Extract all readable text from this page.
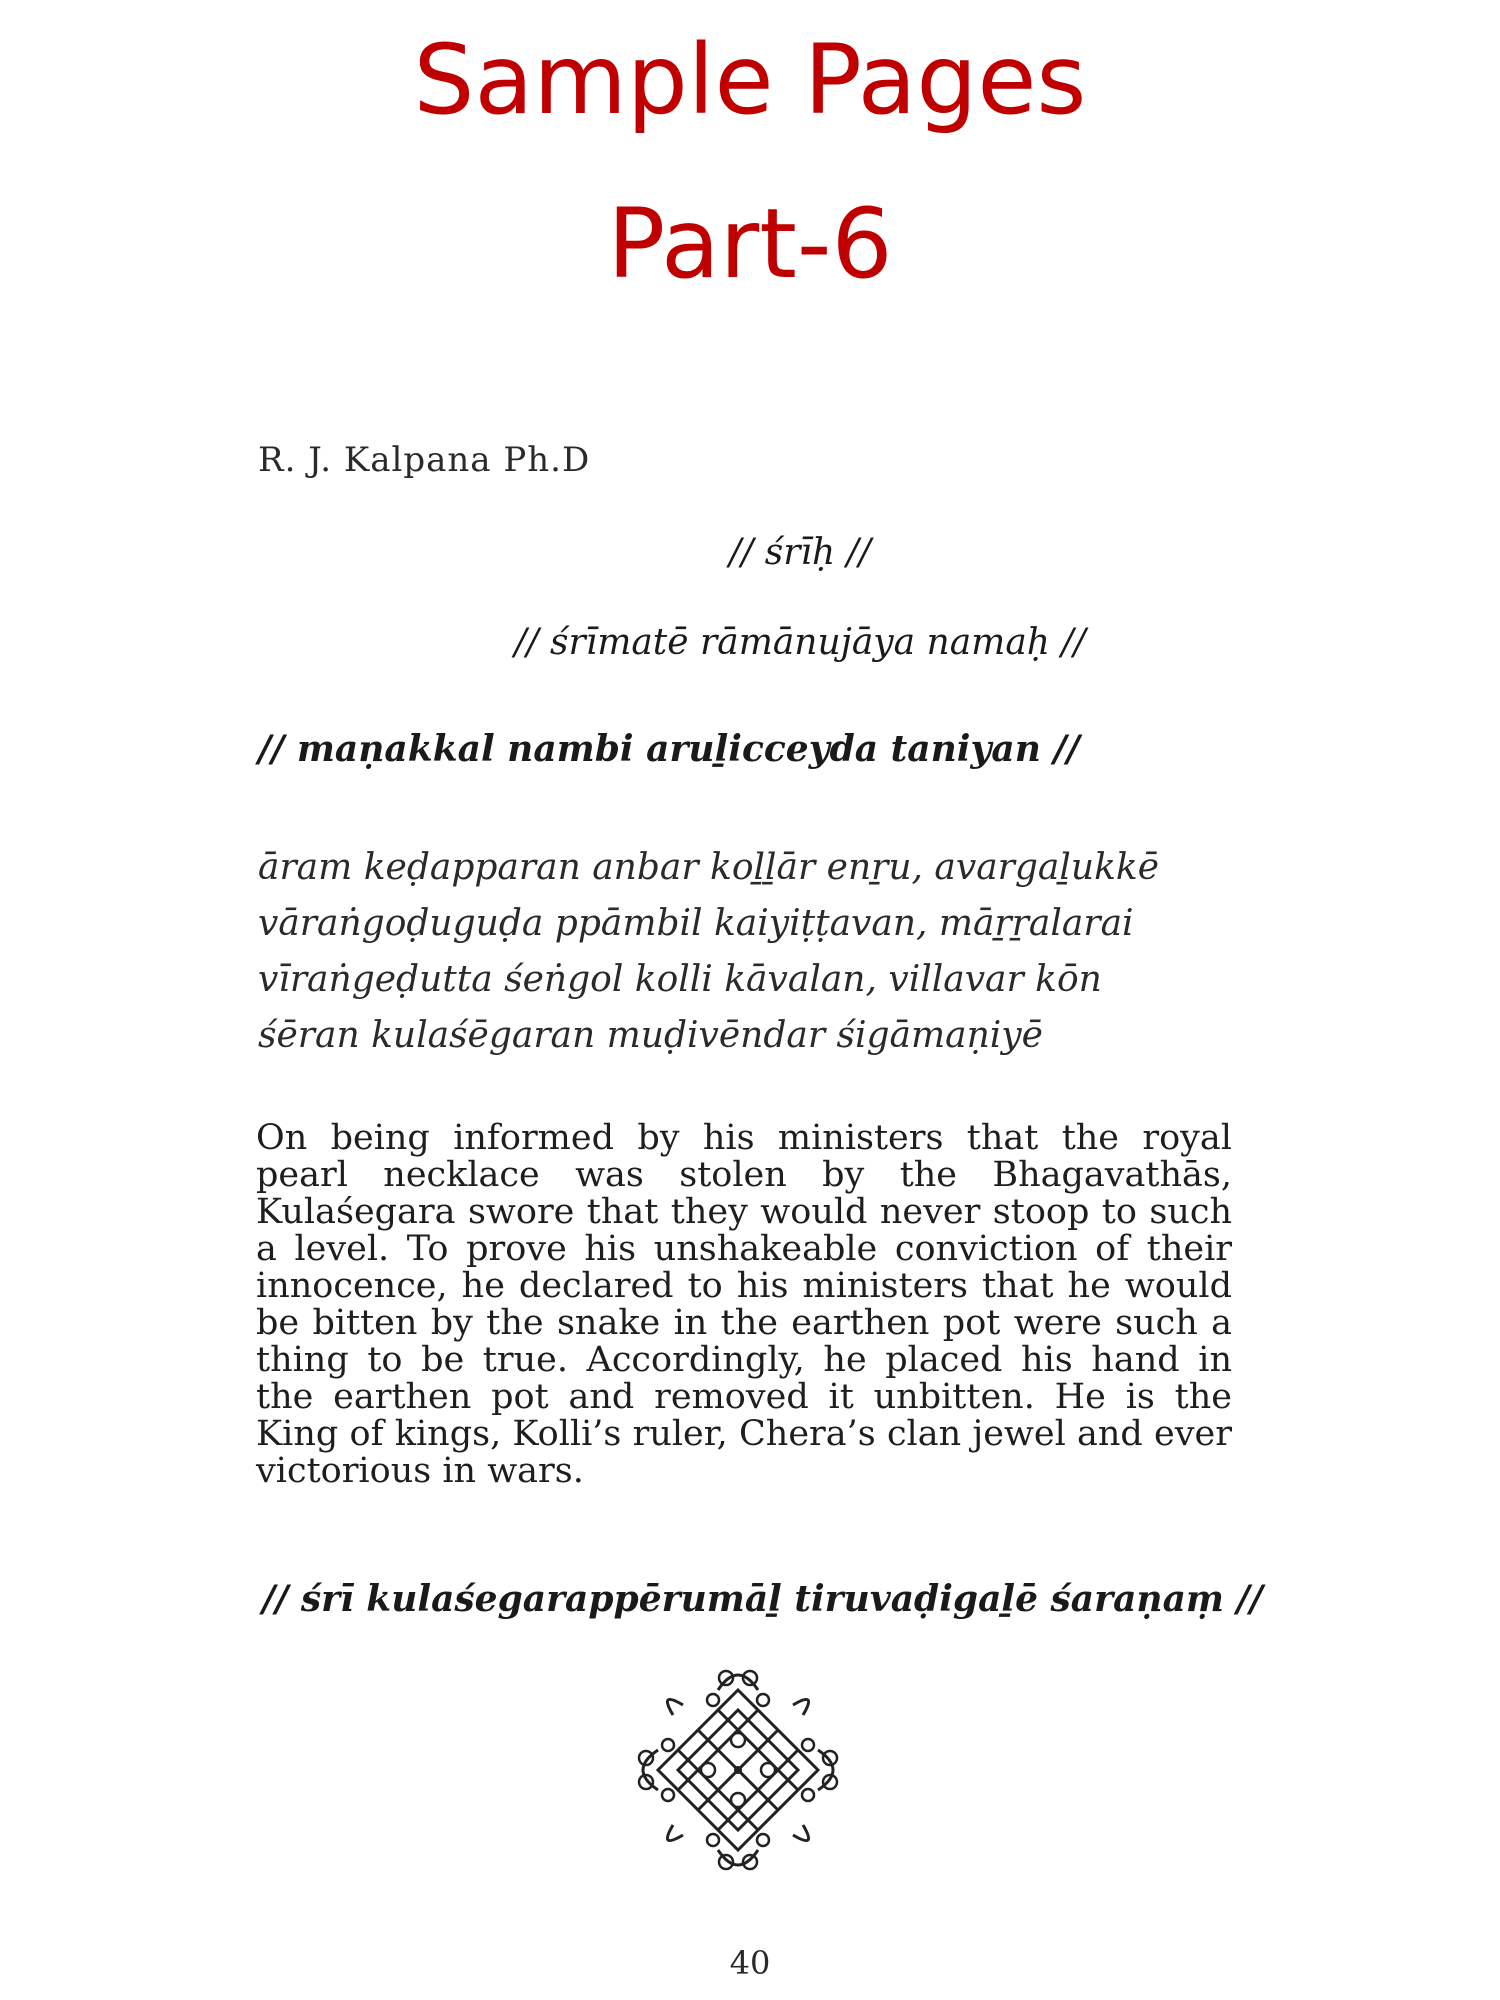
Sample Pages
Part-6
R. J. Kalpana Ph.D
// śrīḥ //
// śrīmatē rāmānujāya namaḥ //
// maṇakkal nambi aruḻicceyda taniyan //
āram keḍapparan anbar koḻḻār enṟu, avargaḻukkē
vāraṅgoḍuguḍa ppāmbil kaiyiṭṭavan, māṟṟalarai
vīraṅgeḍutta śeṅgol kolli kāvalan, villavar kōn
śēran kulaśēgaran muḍivēndar śigāmaṇiyē
On being informed by his ministers that the royal pearl necklace was stolen by the Bhagavathās, Kulaśegara swore that they would never stoop to such a level. To prove his unshakeable conviction of their innocence, he declared to his ministers that he would be bitten by the snake in the earthen pot were such a thing to be true. Accordingly, he placed his hand in the earthen pot and removed it unbitten. He is the King of kings, Kolli’s ruler, Chera’s clan jewel and ever victorious in wars.
// śrī kulaśegarappērumāḻ tiruvaḍigaḻē śaraṇaṃ //
40
